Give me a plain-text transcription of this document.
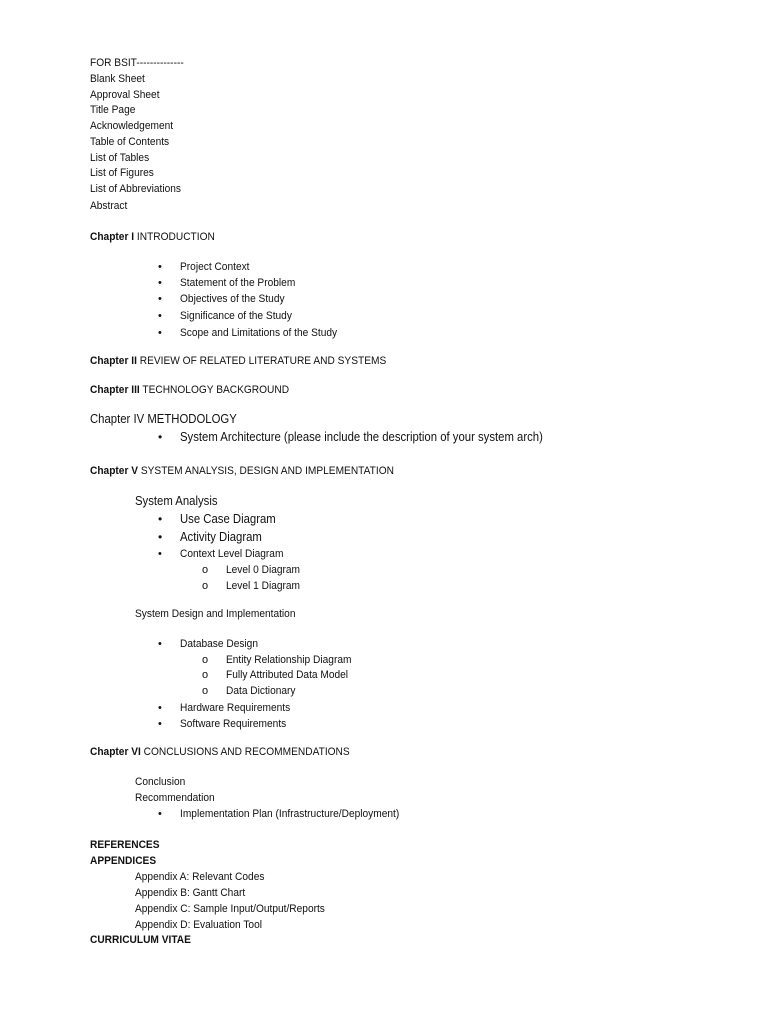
FOR BSIT--------------
Blank Sheet
Approval Sheet
Title Page
Acknowledgement
Table of Contents
List of Tables
List of Figures
List of Abbreviations
Abstract
Chapter I INTRODUCTION
• Project Context
• Statement of the Problem
• Objectives of the Study
• Significance of the Study
• Scope and Limitations of the Study
Chapter II REVIEW OF RELATED LITERATURE AND SYSTEMS
Chapter III TECHNOLOGY BACKGROUND
Chapter IV METHODOLOGY
• System Architecture (please include the description of your system arch)
Chapter V SYSTEM ANALYSIS, DESIGN AND IMPLEMENTATION
System Analysis
• Use Case Diagram
• Activity Diagram
• Context Level Diagram
o Level 0 Diagram
o Level 1 Diagram
System Design and Implementation
• Database Design
o Entity Relationship Diagram
o Fully Attributed Data Model
o Data Dictionary
• Hardware Requirements
• Software Requirements
Chapter VI CONCLUSIONS AND RECOMMENDATIONS
Conclusion
Recommendation
• Implementation Plan (Infrastructure/Deployment)
REFERENCES
APPENDICES
Appendix A: Relevant Codes
Appendix B: Gantt Chart
Appendix C: Sample Input/Output/Reports
Appendix D: Evaluation Tool
CURRICULUM VITAE
